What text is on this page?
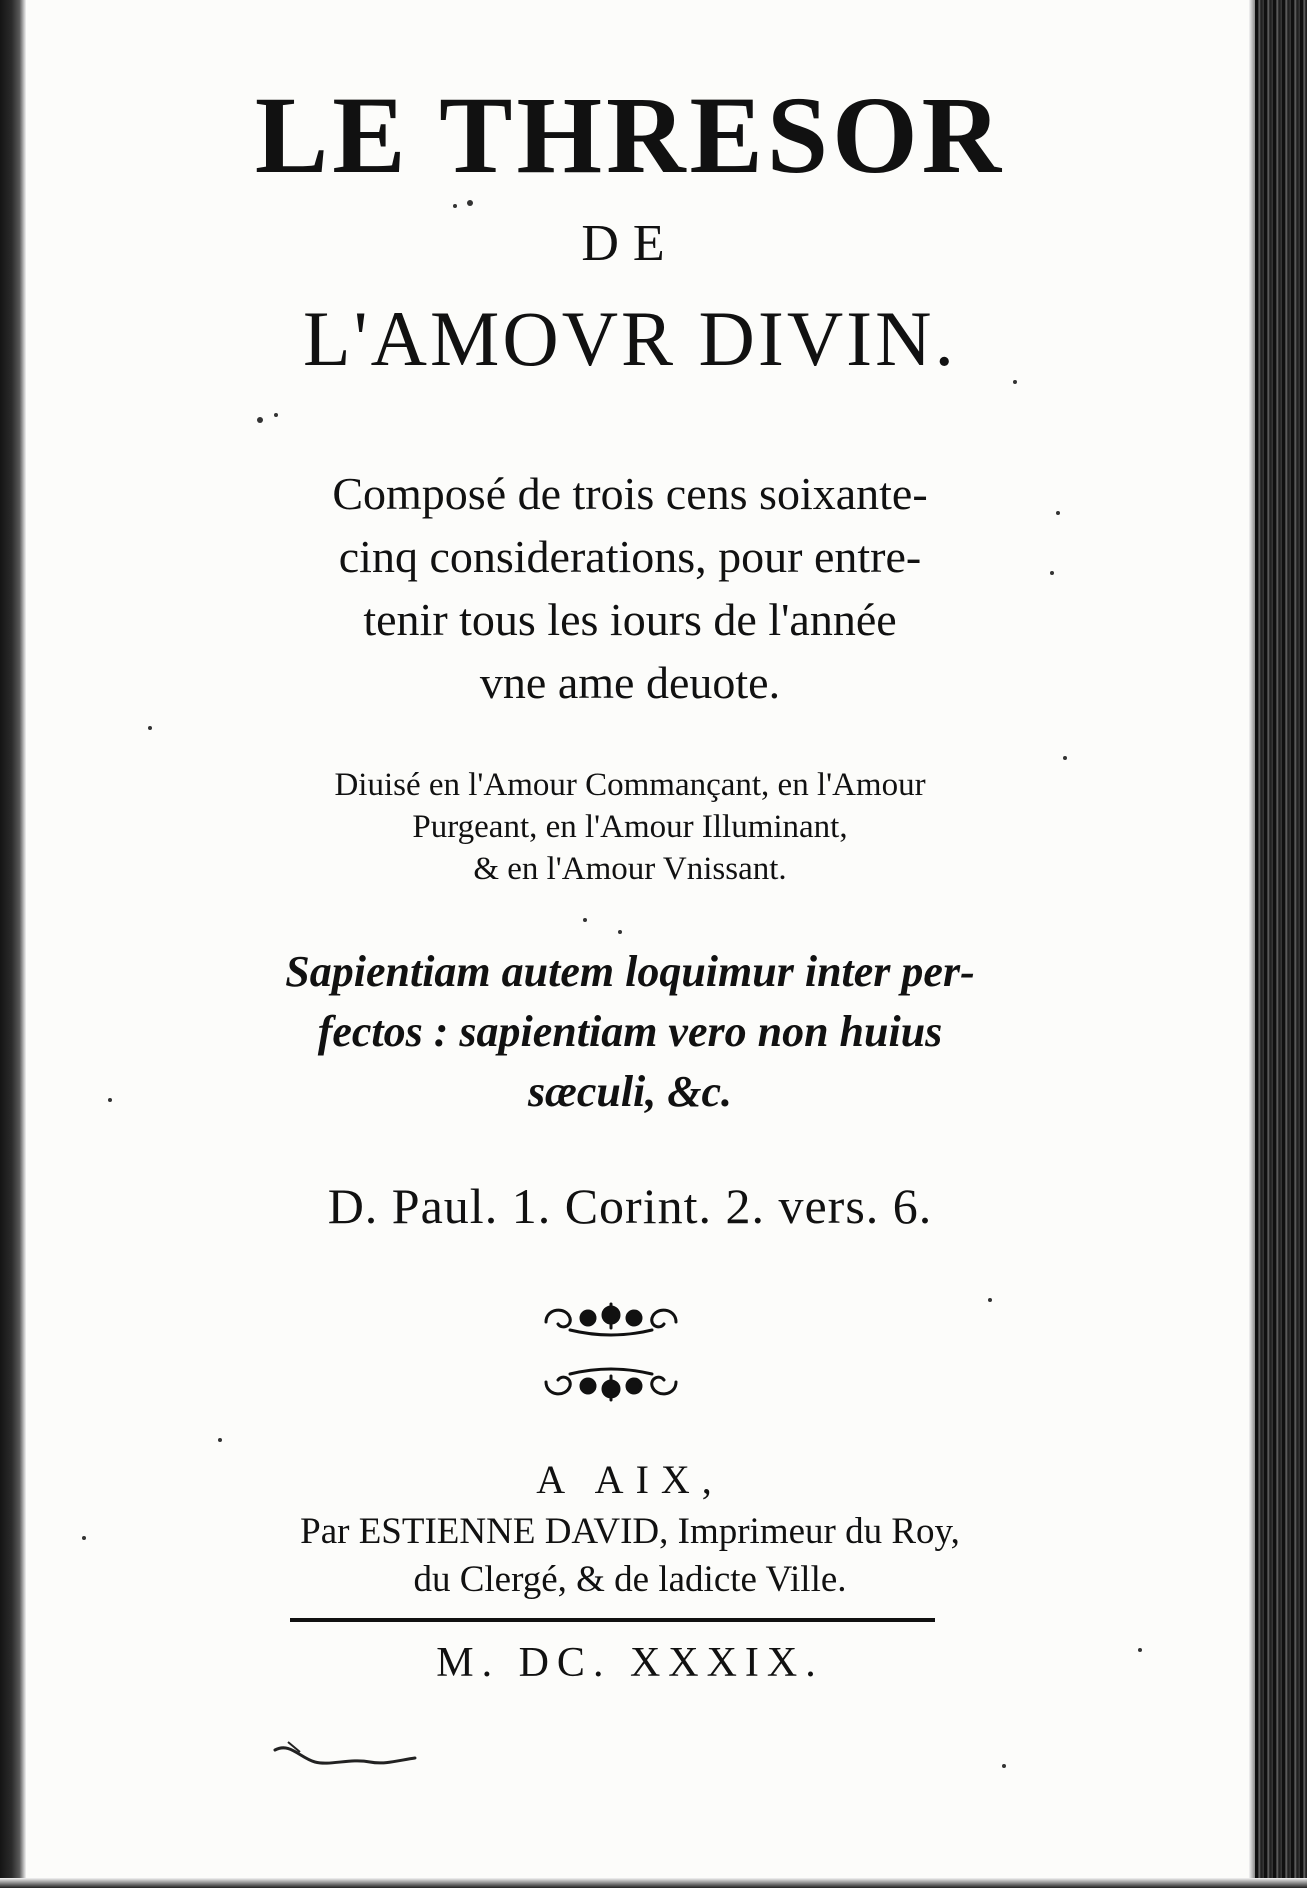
LE THRESOR
DE
L'AMOVR DIVIN.
Composé de trois cens soixante-
cinq considerations, pour entre-
tenir tous les iours de l'année
vne ame deuote.
Diuisé en l'Amour Commançant, en l'Amour
Purgeant, en l'Amour Illuminant,
& en l'Amour Vnissant.
Sapientiam autem loquimur inter per-
fectos : sapientiam vero non huius
sæculi, &c.
D. Paul. 1. Corint. 2. vers. 6.
A AIX,
Par ESTIENNE DAVID, Imprimeur du Roy,
du Clergé, & de ladicte Ville.
M. DC. XXXIX.
